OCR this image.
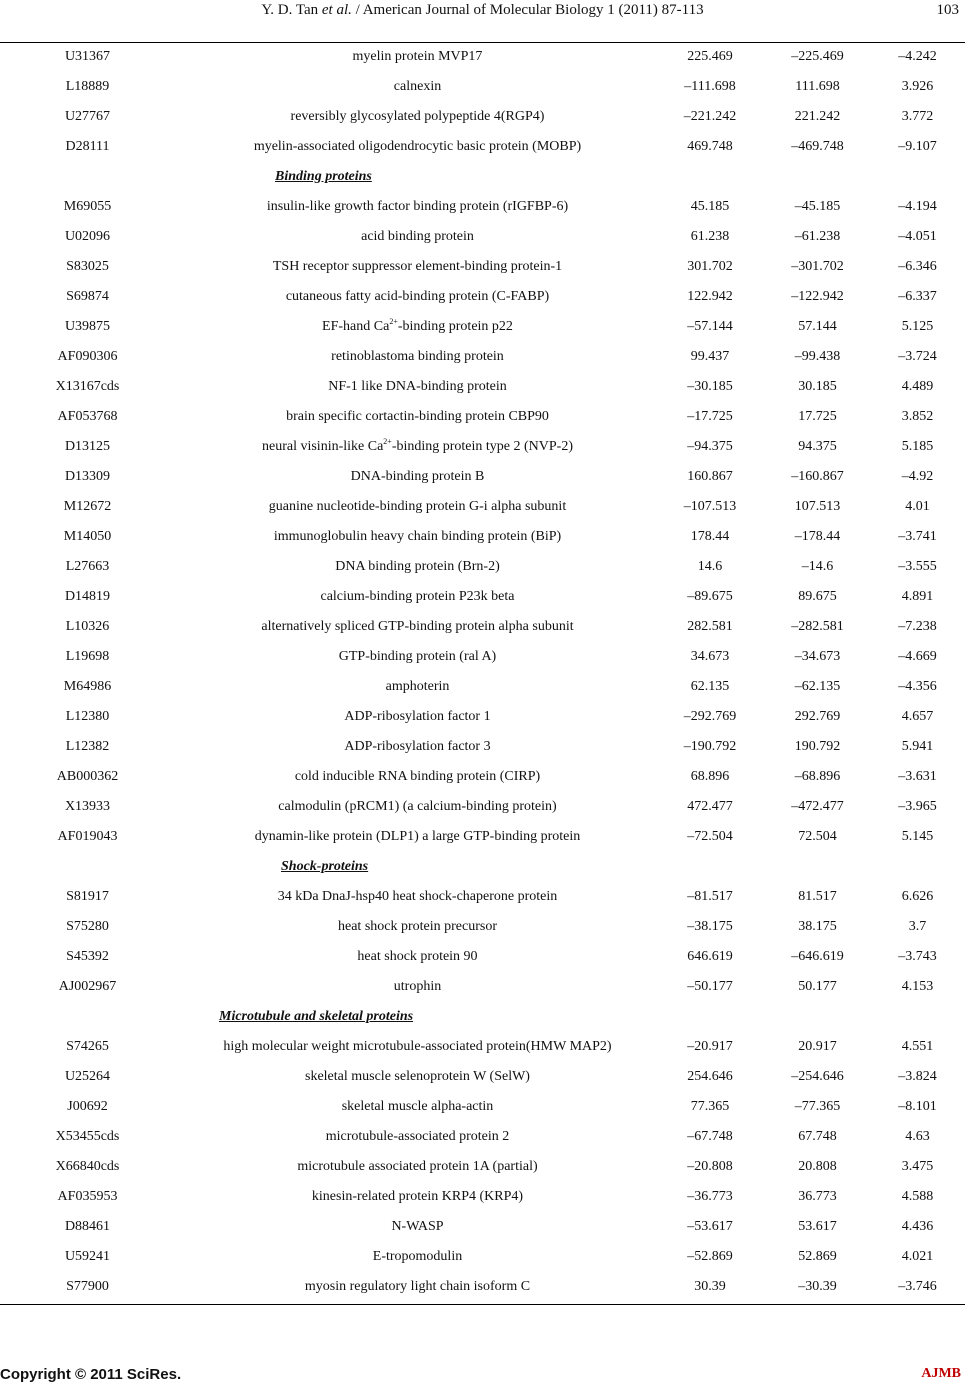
Y. D. Tan et al. / American Journal of Molecular Biology 1 (2011) 87-113	103
U31367	myelin protein MVP17	225.469	–225.469	–4.242
L18889	calnexin	–111.698	111.698	3.926
U27767	reversibly glycosylated polypeptide 4(RGP4)	–221.242	221.242	3.772
D28111	myelin-associated oligodendrocytic basic protein (MOBP)	469.748	–469.748	–9.107
Binding proteins
M69055	insulin-like growth factor binding protein (rIGFBP-6)	45.185	–45.185	–4.194
U02096	acid binding protein	61.238	–61.238	–4.051
S83025	TSH receptor suppressor element-binding protein-1	301.702	–301.702	–6.346
S69874	cutaneous fatty acid-binding protein (C-FABP)	122.942	–122.942	–6.337
U39875	EF-hand $Ca^{2+}$-binding protein p22	–57.144	57.144	5.125
AF090306	retinoblastoma binding protein	99.437	–99.438	–3.724
X13167cds	NF-1 like DNA-binding protein	–30.185	30.185	4.489
AF053768	brain specific cortactin-binding protein CBP90	–17.725	17.725	3.852
D13125	neural visinin-like $Ca^{2+}$-binding protein type 2 (NVP-2)	–94.375	94.375	5.185
D13309	DNA-binding protein B	160.867	–160.867	–4.92
M12672	guanine nucleotide-binding protein G-i alpha subunit	–107.513	107.513	4.01
M14050	immunoglobulin heavy chain binding protein (BiP)	178.44	–178.44	–3.741
L27663	DNA binding protein (Brn-2)	14.6	–14.6	–3.555
D14819	calcium-binding protein P23k beta	–89.675	89.675	4.891
L10326	alternatively spliced GTP-binding protein alpha subunit	282.581	–282.581	–7.238
L19698	GTP-binding protein (ral A)	34.673	–34.673	–4.669
M64986	amphoterin	62.135	–62.135	–4.356
L12380	ADP-ribosylation factor 1	–292.769	292.769	4.657
L12382	ADP-ribosylation factor 3	–190.792	190.792	5.941
AB000362	cold inducible RNA binding protein (CIRP)	68.896	–68.896	–3.631
X13933	calmodulin (pRCM1) (a calcium-binding protein)	472.477	–472.477	–3.965
AF019043	dynamin-like protein (DLP1) a large GTP-binding protein	–72.504	72.504	5.145
Shock-proteins
S81917	34 kDa DnaJ-hsp40 heat shock-chaperone protein	–81.517	81.517	6.626
S75280	heat shock protein precursor	–38.175	38.175	3.7
S45392	heat shock protein 90	646.619	–646.619	–3.743
AJ002967	utrophin	–50.177	50.177	4.153
Microtubule and skeletal proteins
S74265	high molecular weight microtubule-associated protein(HMW MAP2)	–20.917	20.917	4.551
U25264	skeletal muscle selenoprotein W (SelW)	254.646	–254.646	–3.824
J00692	skeletal muscle alpha-actin	77.365	–77.365	–8.101
X53455cds	microtubule-associated protein 2	–67.748	67.748	4.63
X66840cds	microtubule associated protein 1A (partial)	–20.808	20.808	3.475
AF035953	kinesin-related protein KRP4 (KRP4)	–36.773	36.773	4.588
D88461	N-WASP	–53.617	53.617	4.436
U59241	E-tropomodulin	–52.869	52.869	4.021
S77900	myosin regulatory light chain isoform C	30.39	–30.39	–3.746
Copyright © 2011 SciRes.	AJMB
